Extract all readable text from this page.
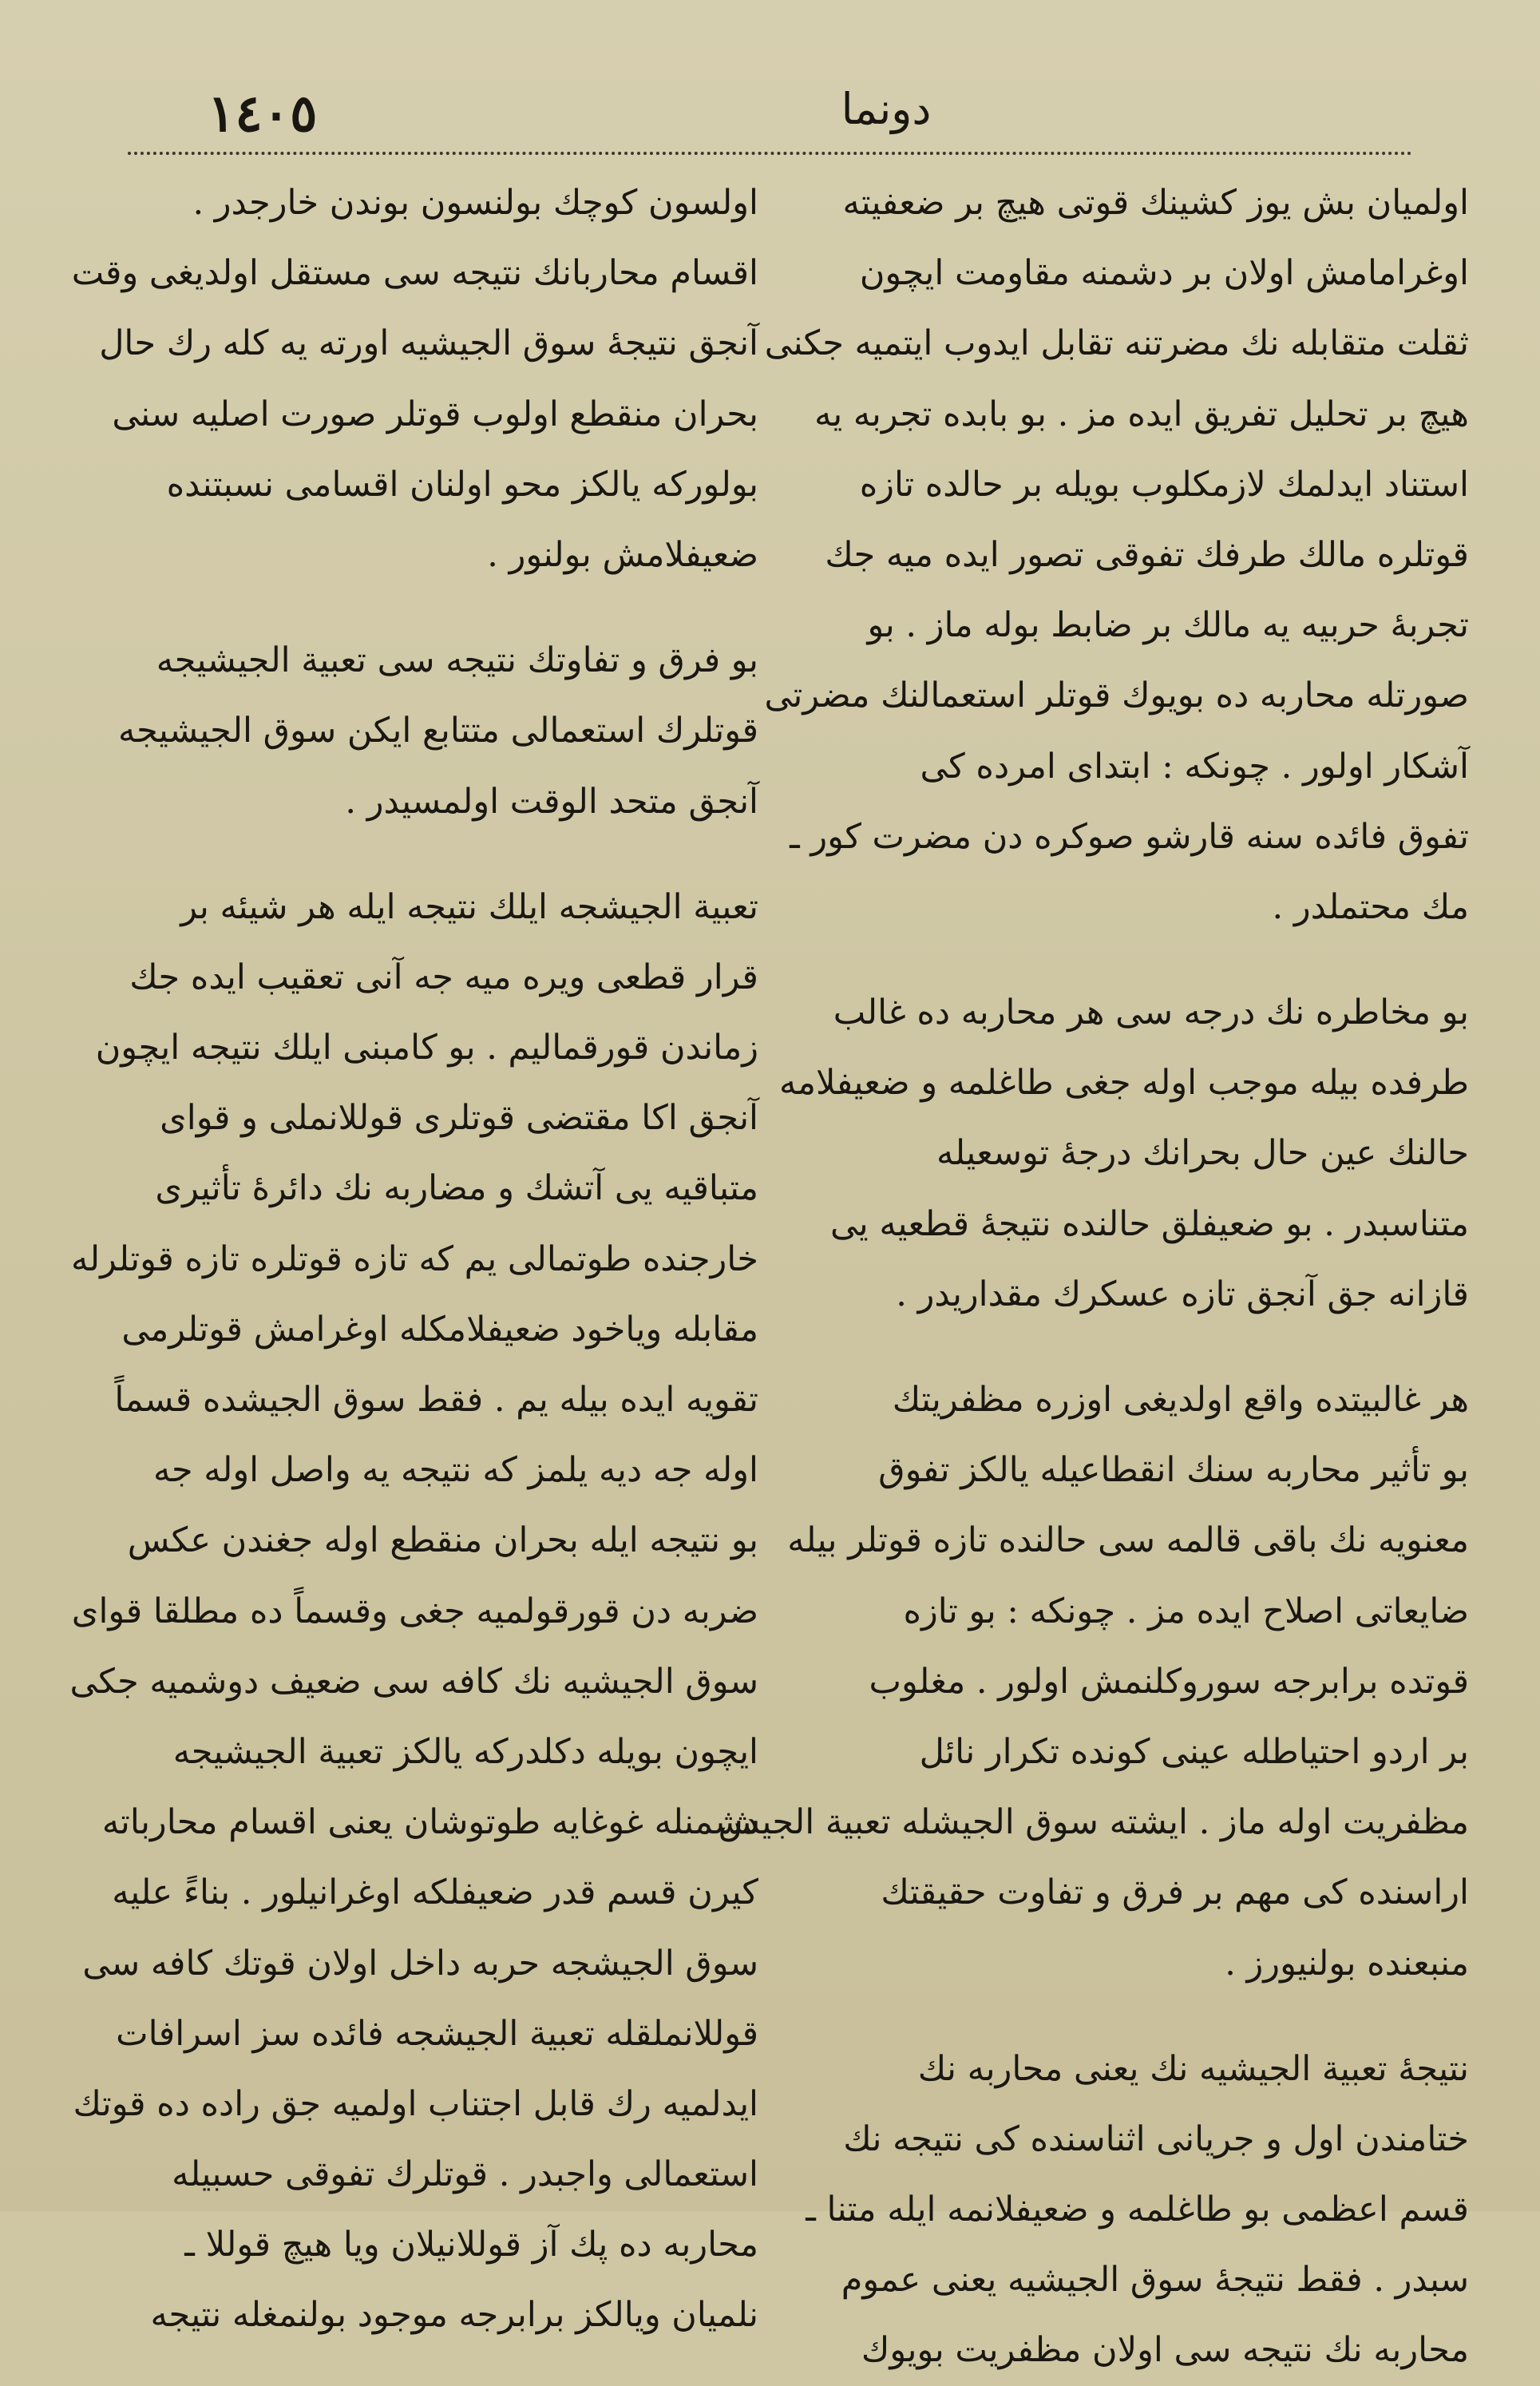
١٤٠٥	دونما
اولميان بش يوز كشينك قوتى هيچ بر ضعفيته
اوغرامامش اولان بر دشمنه مقاومت ايچون
ثقلت متقابله نك مضرتنه تقابل ايدوب ايتميه جكنى
هيچ بر تحليل تفريق ايده مز . بو بابده تجربه يه
استناد ايدلمك لازمكلوب بويله بر حالده تازه
قوتلره مالك طرفك تفوقى تصور ايده ميه جك
تجربهٔ حربيه يه مالك بر ضابط بوله ماز . بو
صورتله محاربه ده بويوك قوتلر استعمالنك مضرتى
آشكار اولور . چونكه : ابتداى امرده كى
تفوق فائده سنه قارشو صوكره دن مضرت كور ـ
مك محتملدر .
بو مخاطره نك درجه سى هر محاربه ده غالب
طرفده بيله موجب اوله جغى طاغلمه و ضعيفلامه
حالنك عين حال بحرانك درجهٔ توسعيله
متناسبدر . بو ضعيفلق حالنده نتيجهٔ قطعيه يى
قازانه جق آنجق تازه عسكرك مقداريدر .
هر غالبيتده واقع اولديغى اوزره مظفريتك
بو تأثير محاربه سنك انقطاعيله يالكز تفوق
معنويه نك باقى قالمه سى حالنده تازه قوتلر بيله
ضايعاتى اصلاح ايده مز . چونكه : بو تازه
قوتده برابرجه سوروكلنمش اولور . مغلوب
بر اردو احتياطله عينى كونده تكرار نائل
مظفريت اوله ماز . ايشته سوق الجيشله تعبية الجيش
اراسنده كى مهم بر فرق و تفاوت حقيقتك
منبعنده بولنيورز .
نتيجهٔ تعبية الجيشيه نك يعنى محاربه نك
ختامندن اول و جريانى اثناسنده كى نتيجه نك
قسم اعظمى بو طاغلمه و ضعيفلانمه ايله متنا ـ
سبدر . فقط نتيجهٔ سوق الجيشيه يعنى عموم
محاربه نك نتيجه سى اولان مظفريت بويوك
اولسون كوچك بولنسون بوندن خارجدر .
اقسام محاربانك نتيجه سى مستقل اولديغى وقت
آنجق نتيجهٔ سوق الجيشيه اورته يه كله رك حال
بحران منقطع اولوب قوتلر صورت اصليه سنى
بولوركه يالكز محو اولنان اقسامى نسبتنده
ضعيفلامش بولنور .
بو فرق و تفاوتك نتيجه سى تعبية الجيشيجه
قوتلرك استعمالى متتابع ايكن سوق الجيشيجه
آنجق متحد الوقت اولمسيدر .
تعبية الجيشجه ايلك نتيجه ايله هر شيئه بر
قرار قطعى ويره ميه جه آنى تعقيب ايده جك
زماندن قورقماليم . بو كامبنى ايلك نتيجه ايچون
آنجق اكا مقتضى قوتلرى قوللانملى و قواى
متباقيه يى آتشك و مضاربه نك دائرهٔ تأثيرى
خارجنده طوتمالى يم كه تازه قوتلره تازه قوتلرله
مقابله وياخود ضعيفلامكله اوغرامش قوتلرمى
تقويه ايده بيله يم . فقط سوق الجيشده قسماً
اوله جه ديه يلمز كه نتيجه يه واصل اوله جه
بو نتيجه ايله بحران منقطع اوله جغندن عكس
ضربه دن قورقولميه جغى وقسماً ده مطلقا قواى
سوق الجيشيه نك كافه سى ضعيف دوشميه جكى
ايچون بويله دكلدركه يالكز تعبية الجيشيجه
دشمنله غوغايه طوتوشان يعنى اقسام محارباته
كيرن قسم قدر ضعيفلكه اوغرانيلور . بناءً عليه
سوق الجيشجه حربه داخل اولان قوتك كافه سى
قوللانملقله تعبية الجيشجه فائده سز اسرافات
ايدلميه رك قابل اجتناب اولميه جق راده ده قوتك
استعمالى واجبدر . قوتلرك تفوقى حسبيله
محاربه ده پك آز قوللانيلان ويا هيچ قوللا ـ
نلميان ويالكز برابرجه موجود بولنمغله نتيجه
